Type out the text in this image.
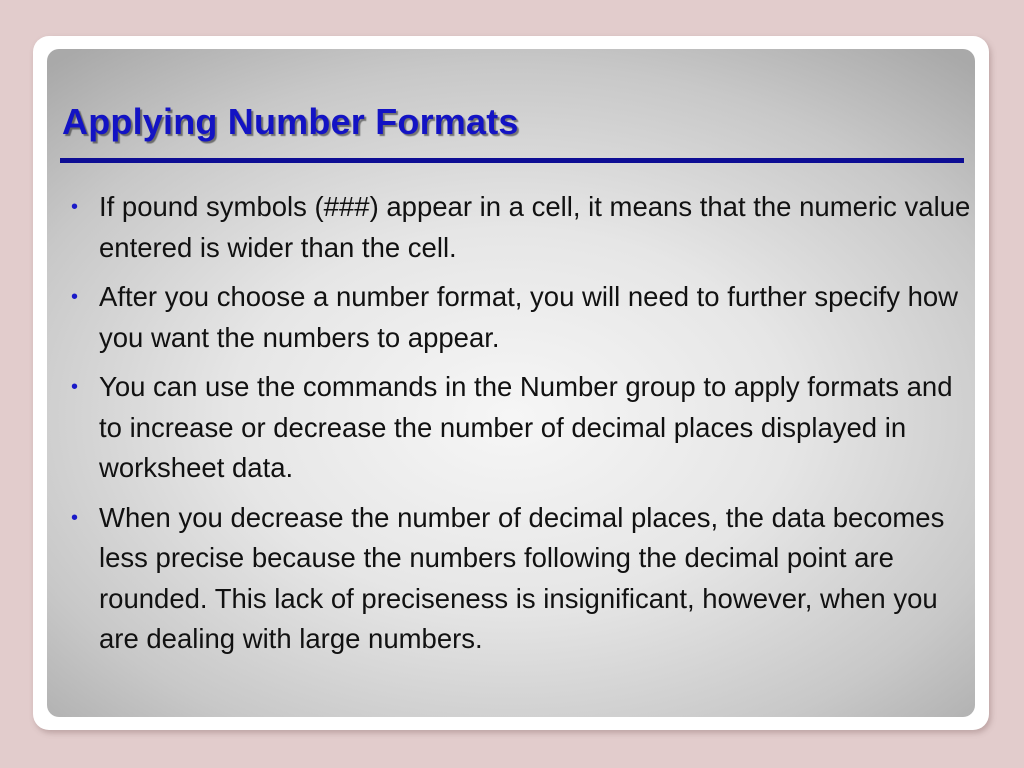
Applying Number Formats
• If pound symbols (###) appear in a cell, it means that the numeric value entered is wider than the cell.
• After you choose a number format, you will need to further specify how you want the numbers to appear.
• You can use the commands in the Number group to apply formats and to increase or decrease the number of decimal places displayed in worksheet data.
• When you decrease the number of decimal places, the data becomes less precise because the numbers following the decimal point are rounded. This lack of preciseness is insignificant, however, when you are dealing with large numbers.
